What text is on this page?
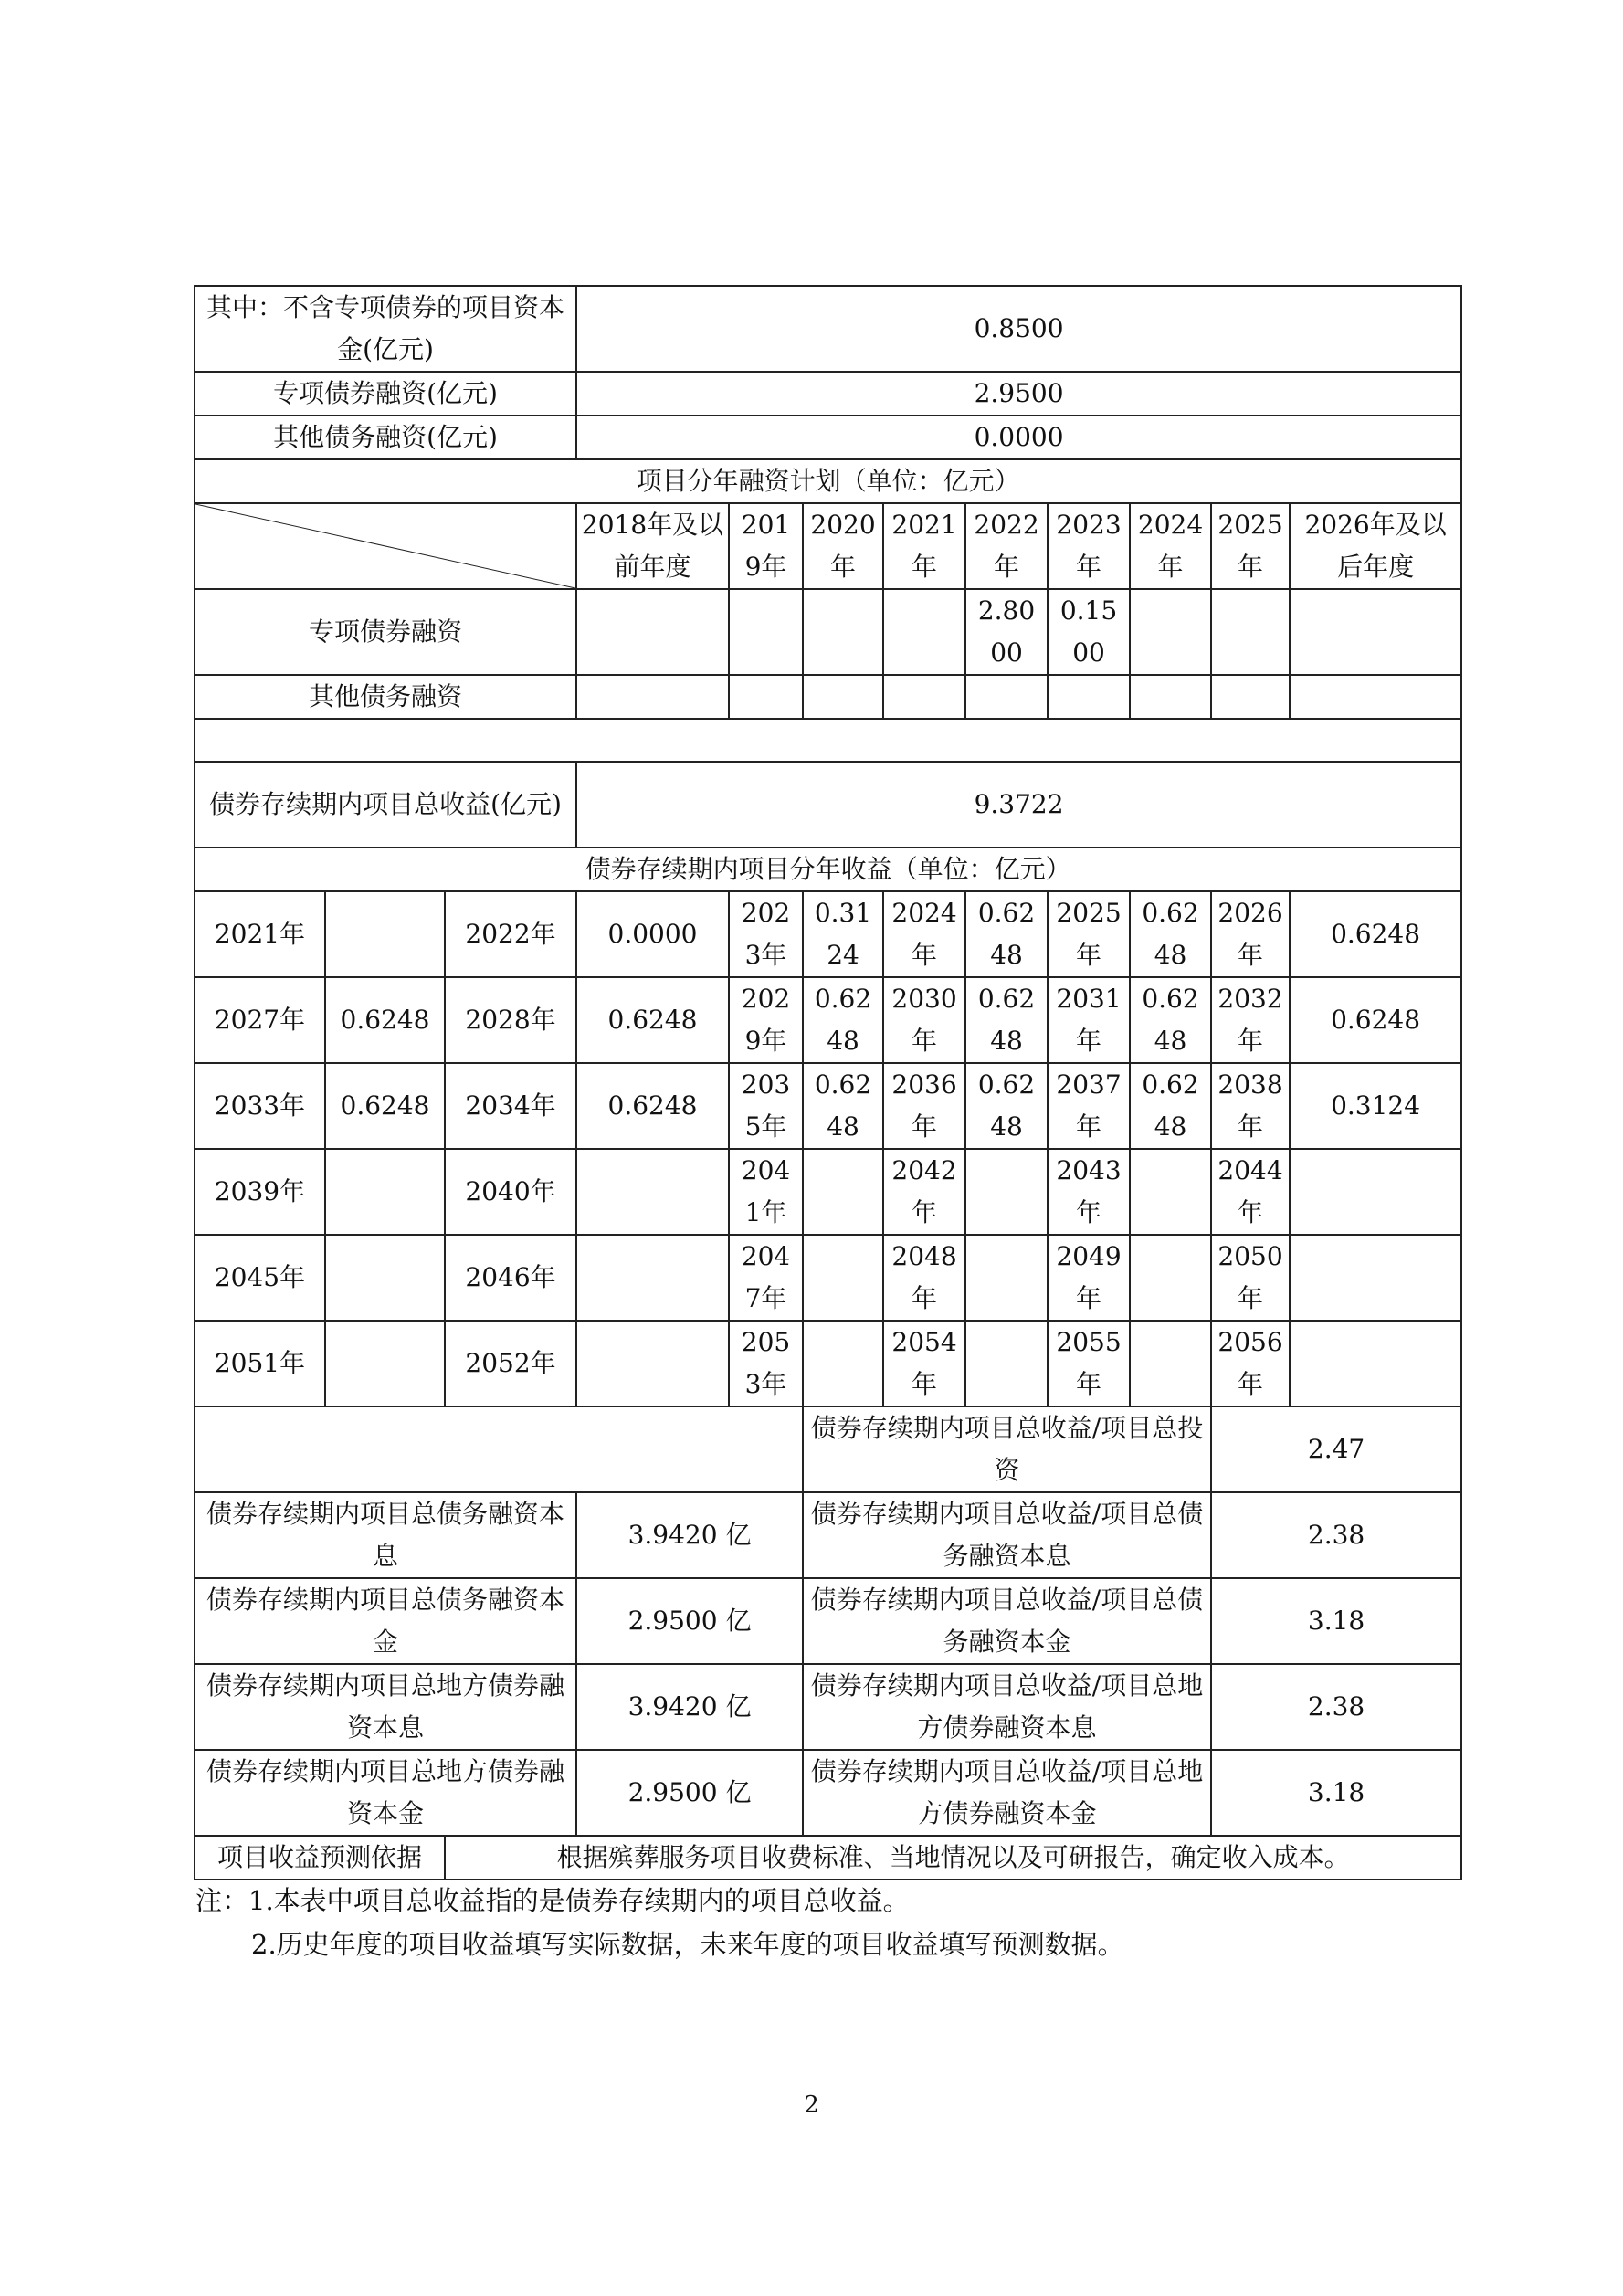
其中：不含专项债券的项目资本金(亿元)			0.8500								
专项债券融资(亿元)			2.9500								
其他债务融资(亿元)			0.0000								
项目分年融资计划（单位：亿元）											

	2018年及以前年度	2019年	2020年	2021年	2022年	2023年	2024年	2025年	2026年及以后年度
专项债券融资							2.8000	0.1500			
其他债务融资											

债券存续期内项目总收益(亿元)			9.3722								
债券存续期内项目分年收益（单位：亿元）											
2021年		2022年	0.0000	2023年	0.3124	2024年	0.6248	2025年	0.6248	2026年	0.6248
2027年	0.6248	2028年	0.6248	2029年	0.6248	2030年	0.6248	2031年	0.6248	2032年	0.6248
2033年	0.6248	2034年	0.6248	2035年	0.6248	2036年	0.6248	2037年	0.6248	2038年	0.3124
2039年		2040年		2041年		2042年		2043年		2044年	
2045年		2046年		2047年		2048年		2049年		2050年	
2051年		2052年		2053年		2054年		2055年		2056年	
					债券存续期内项目总收益/项目总投资					2.47	
债券存续期内项目总债务融资本息			3.9420 亿		债券存续期内项目总收益/项目总债务融资本息					2.38	
债券存续期内项目总债务融资本金			2.9500 亿		债券存续期内项目总收益/项目总债务融资本金					3.18	
债券存续期内项目总地方债券融资本息			3.9420 亿		债券存续期内项目总收益/项目总地方债券融资本息					2.38	
债券存续期内项目总地方债券融资本金			2.9500 亿		债券存续期内项目总收益/项目总地方债券融资本金					3.18	
项目收益预测依据		根据殡葬服务项目收费标准、当地情况以及可研报告，确定收入成本。									
注：1.本表中项目总收益指的是债券存续期内的项目总收益。
2.历史年度的项目收益填写实际数据，未来年度的项目收益填写预测数据。
2
